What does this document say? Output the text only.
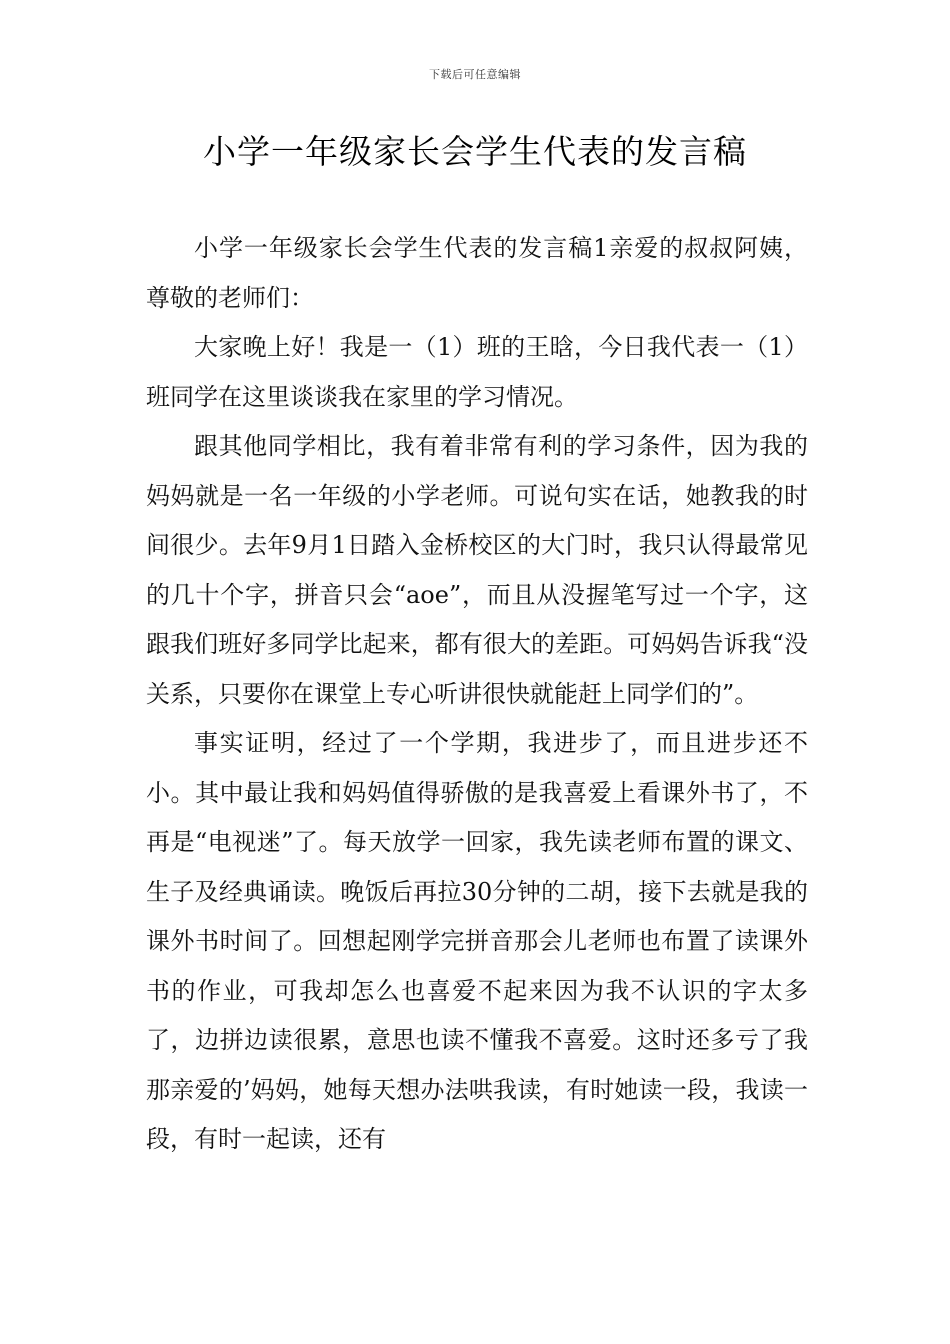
下载后可任意编辑
小学一年级家长会学生代表的发言稿

小学一年级家长会学生代表的发言稿1亲爱的叔叔阿姨，尊敬的老师们：

大家晚上好！我是一（1）班的王晗，今日我代表一（1）班同学在这里谈谈我在家里的学习情况。

跟其他同学相比，我有着非常有利的学习条件，因为我的妈妈就是一名一年级的小学老师。可说句实在话，她教我的时间很少。去年9月1日踏入金桥校区的大门时，我只认得最常见的几十个字，拼音只会“aoe”，而且从没握笔写过一个字，这跟我们班好多同学比起来，都有很大的差距。可妈妈告诉我“没关系，只要你在课堂上专心听讲很快就能赶上同学们的”。

事实证明，经过了一个学期，我进步了，而且进步还不小。其中最让我和妈妈值得骄傲的是我喜爱上看课外书了，不再是“电视迷”了。每天放学一回家，我先读老师布置的课文、生子及经典诵读。晚饭后再拉30分钟的二胡，接下去就是我的课外书时间了。回想起刚学完拼音那会儿老师也布置了读课外书的作业，可我却怎么也喜爱不起来因为我不认识的字太多了，边拼边读很累，意思也读不懂我不喜爱。这时还多亏了我那亲爱的’妈妈，她每天想办法哄我读，有时她读一段，我读一段，有时一起读，还有
